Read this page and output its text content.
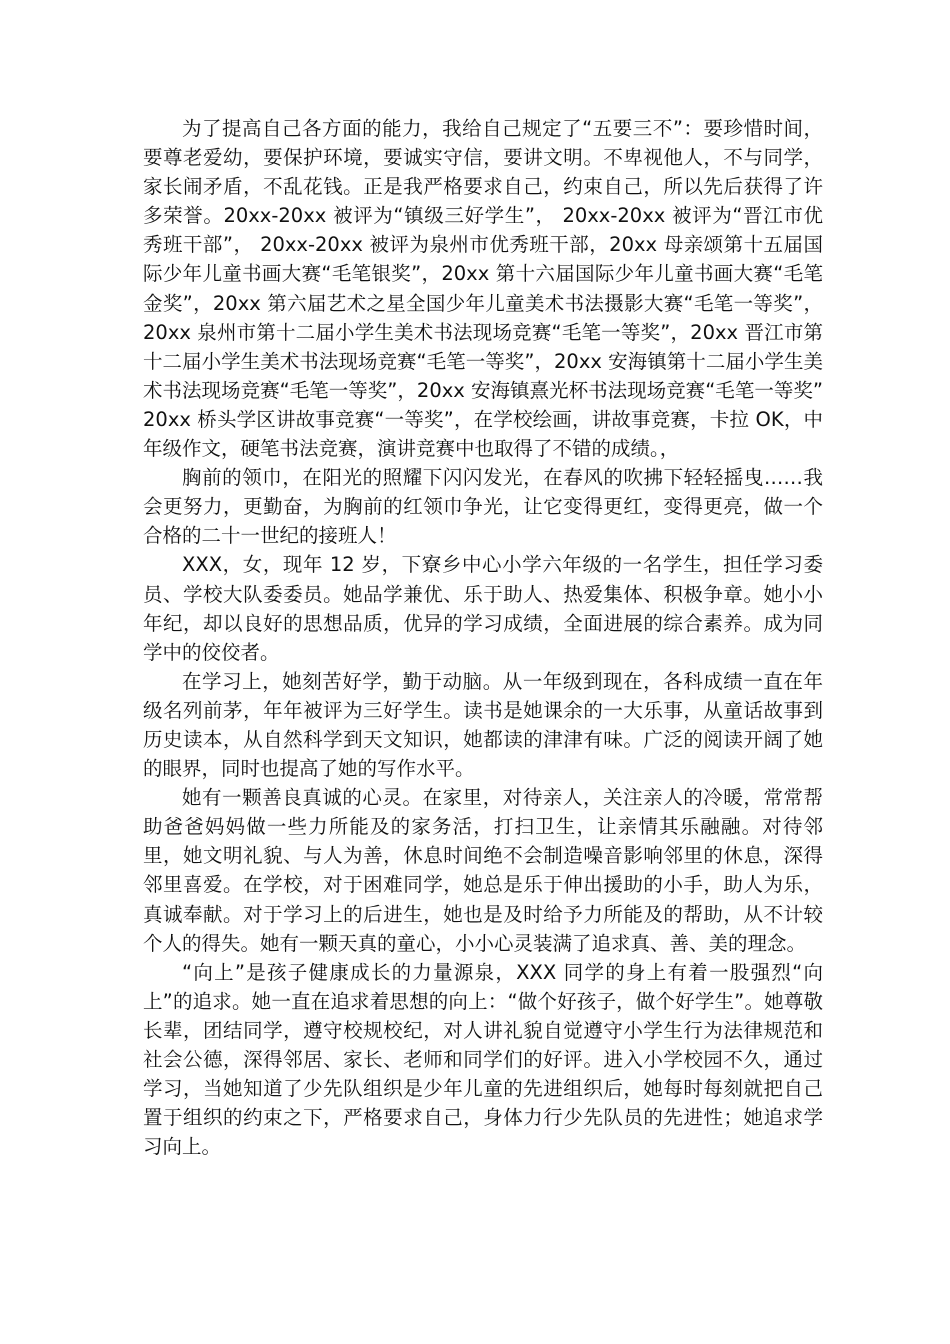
为了提高自己各方面的能力，我给自己规定了“五要三不”：要珍惜时间，要尊老爱幼，要保护环境，要诚实守信，要讲文明。不卑视他人，不与同学，家长闹矛盾，不乱花钱。正是我严格要求自己，约束自己，所以先后获得了许多荣誉。20xx-20xx 被评为“镇级三好学生”， 20xx-20xx 被评为“晋江市优秀班干部”， 20xx-20xx 被评为泉州市优秀班干部，20xx 母亲颂第十五届国际少年儿童书画大赛“毛笔银奖”，20xx 第十六届国际少年儿童书画大赛“毛笔金奖”，20xx 第六届艺术之星全国少年儿童美术书法摄影大赛“毛笔一等奖”，20xx 泉州市第十二届小学生美术书法现场竞赛“毛笔一等奖”，20xx 晋江市第十二届小学生美术书法现场竞赛“毛笔一等奖”，20xx 安海镇第十二届小学生美术书法现场竞赛“毛笔一等奖”，20xx 安海镇熹光杯书法现场竞赛“毛笔一等奖” 20xx 桥头学区讲故事竞赛“一等奖”，在学校绘画，讲故事竞赛，卡拉 OK，中年级作文，硬笔书法竞赛，演讲竞赛中也取得了不错的成绩。，

胸前的领巾，在阳光的照耀下闪闪发光，在春风的吹拂下轻轻摇曳……我会更努力，更勤奋，为胸前的红领巾争光，让它变得更红，变得更亮，做一个合格的二十一世纪的接班人！

XXX，女，现年 12 岁，下寮乡中心小学六年级的一名学生，担任学习委员、学校大队委委员。她品学兼优、乐于助人、热爱集体、积极争章。她小小年纪，却以良好的思想品质，优异的学习成绩，全面进展的综合素养。成为同学中的佼佼者。

在学习上，她刻苦好学，勤于动脑。从一年级到现在，各科成绩一直在年级名列前茅，年年被评为三好学生。读书是她课余的一大乐事，从童话故事到历史读本，从自然科学到天文知识，她都读的津津有味。广泛的阅读开阔了她的眼界，同时也提高了她的写作水平。

她有一颗善良真诚的心灵。在家里，对待亲人，关注亲人的冷暖，常常帮助爸爸妈妈做一些力所能及的家务活，打扫卫生，让亲情其乐融融。对待邻里，她文明礼貌、与人为善，休息时间绝不会制造噪音影响邻里的休息，深得邻里喜爱。在学校，对于困难同学，她总是乐于伸出援助的小手，助人为乐，真诚奉献。对于学习上的后进生，她也是及时给予力所能及的帮助，从不计较个人的得失。她有一颗天真的童心，小小心灵装满了追求真、善、美的理念。

“向上”是孩子健康成长的力量源泉，XXX 同学的身上有着一股强烈“向上”的追求。她一直在追求着思想的向上：“做个好孩子，做个好学生”。她尊敬长辈，团结同学，遵守校规校纪，对人讲礼貌自觉遵守小学生行为法律规范和社会公德，深得邻居、家长、老师和同学们的好评。进入小学校园不久，通过学习，当她知道了少先队组织是少年儿童的先进组织后，她每时每刻就把自己置于组织的约束之下，严格要求自己，身体力行少先队员的先进性；她追求学习向上。
